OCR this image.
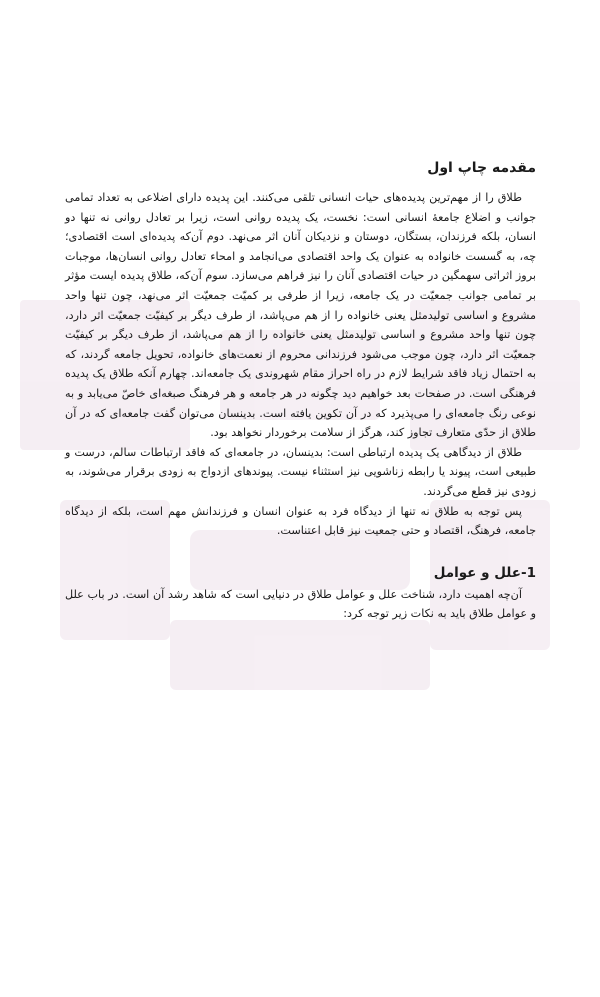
مقدمه چاپ اول

طلاق را از مهم‌ترین پدیده‌های حیات انسانی تلقی می‌کنند. این پدیده دارای اضلاعی به تعداد تمامی جوانب و اضلاع جامعهٔ انسانی است: نخست، یک پدیده روانی است، زیرا بر تعادل روانی نه تنها دو انسان، بلکه فرزندان، بستگان، دوستان و نزدیکان آنان اثر می‌نهد. دوم آن‌که پدیده‌ای است اقتصادی؛ چه، به گسست خانواده به عنوان یک واحد اقتصادی می‌انجامد و امحاء تعادل روانی انسان‌ها، موجبات بروز اثراتی سهمگین در حیات اقتصادی آنان را نیز فراهم می‌سازد. سوم آن‌که، طلاق پدیده ایست مؤثر بر تمامی جوانب جمعیّت در یک جامعه، زیرا از طرفی بر کمیّت جمعیّت اثر می‌نهد، چون تنها واحد مشروع و اساسی تولیدمثل یعنی خانواده را از هم می‌پاشد، از طرف دیگر بر کیفیّت جمعیّت اثر دارد، چون تنها واحد مشروع و اساسی تولیدمثل یعنی خانواده را از هم می‌پاشد، از طرف دیگر بر کیفیّت جمعیّت اثر دارد، چون موجب می‌شود فرزندانی محروم از نعمت‌های خانواده، تحویل جامعه گردند، که به احتمال زیاد فاقد شرایط لازم در راه احراز مقام شهروندی یک جامعه‌اند. چهارم آنکه طلاق یک پدیده فرهنگی است. در صفحات بعد خواهیم دید چگونه در هر جامعه و هر فرهنگ صبغه‌ای خاصّ می‌یابد و به نوعی رنگ جامعه‌ای را می‌پذیرد که در آن تکوین یافته است. بدینسان می‌توان گفت جامعه‌ای که در آن طلاق از حدّی متعارف تجاوز کند، هرگز از سلامت برخوردار نخواهد بود.

طلاق از دیدگاهی یک پدیده ارتباطی است: بدینسان، در جامعه‌ای که فاقد ارتباطات سالم، درست و طبیعی است، پیوند یا رابطه زناشویی نیز استثناء نیست. پیوندهای ازدواج به زودی برقرار می‌شوند، به زودی نیز قطع می‌گردند.

پس توجه به طلاق نه تنها از دیدگاه فرد به عنوان انسان و فرزندانش مهم است، بلکه از دیدگاه جامعه، فرهنگ، اقتصاد و حتی جمعیت نیز قابل اعتناست.

1-علل و عوامل

آن‌چه اهمیت دارد، شناخت علل و عوامل طلاق در دنیایی است که شاهد رشد آن است. در باب علل و عوامل طلاق باید به نکات زیر توجه کرد:
